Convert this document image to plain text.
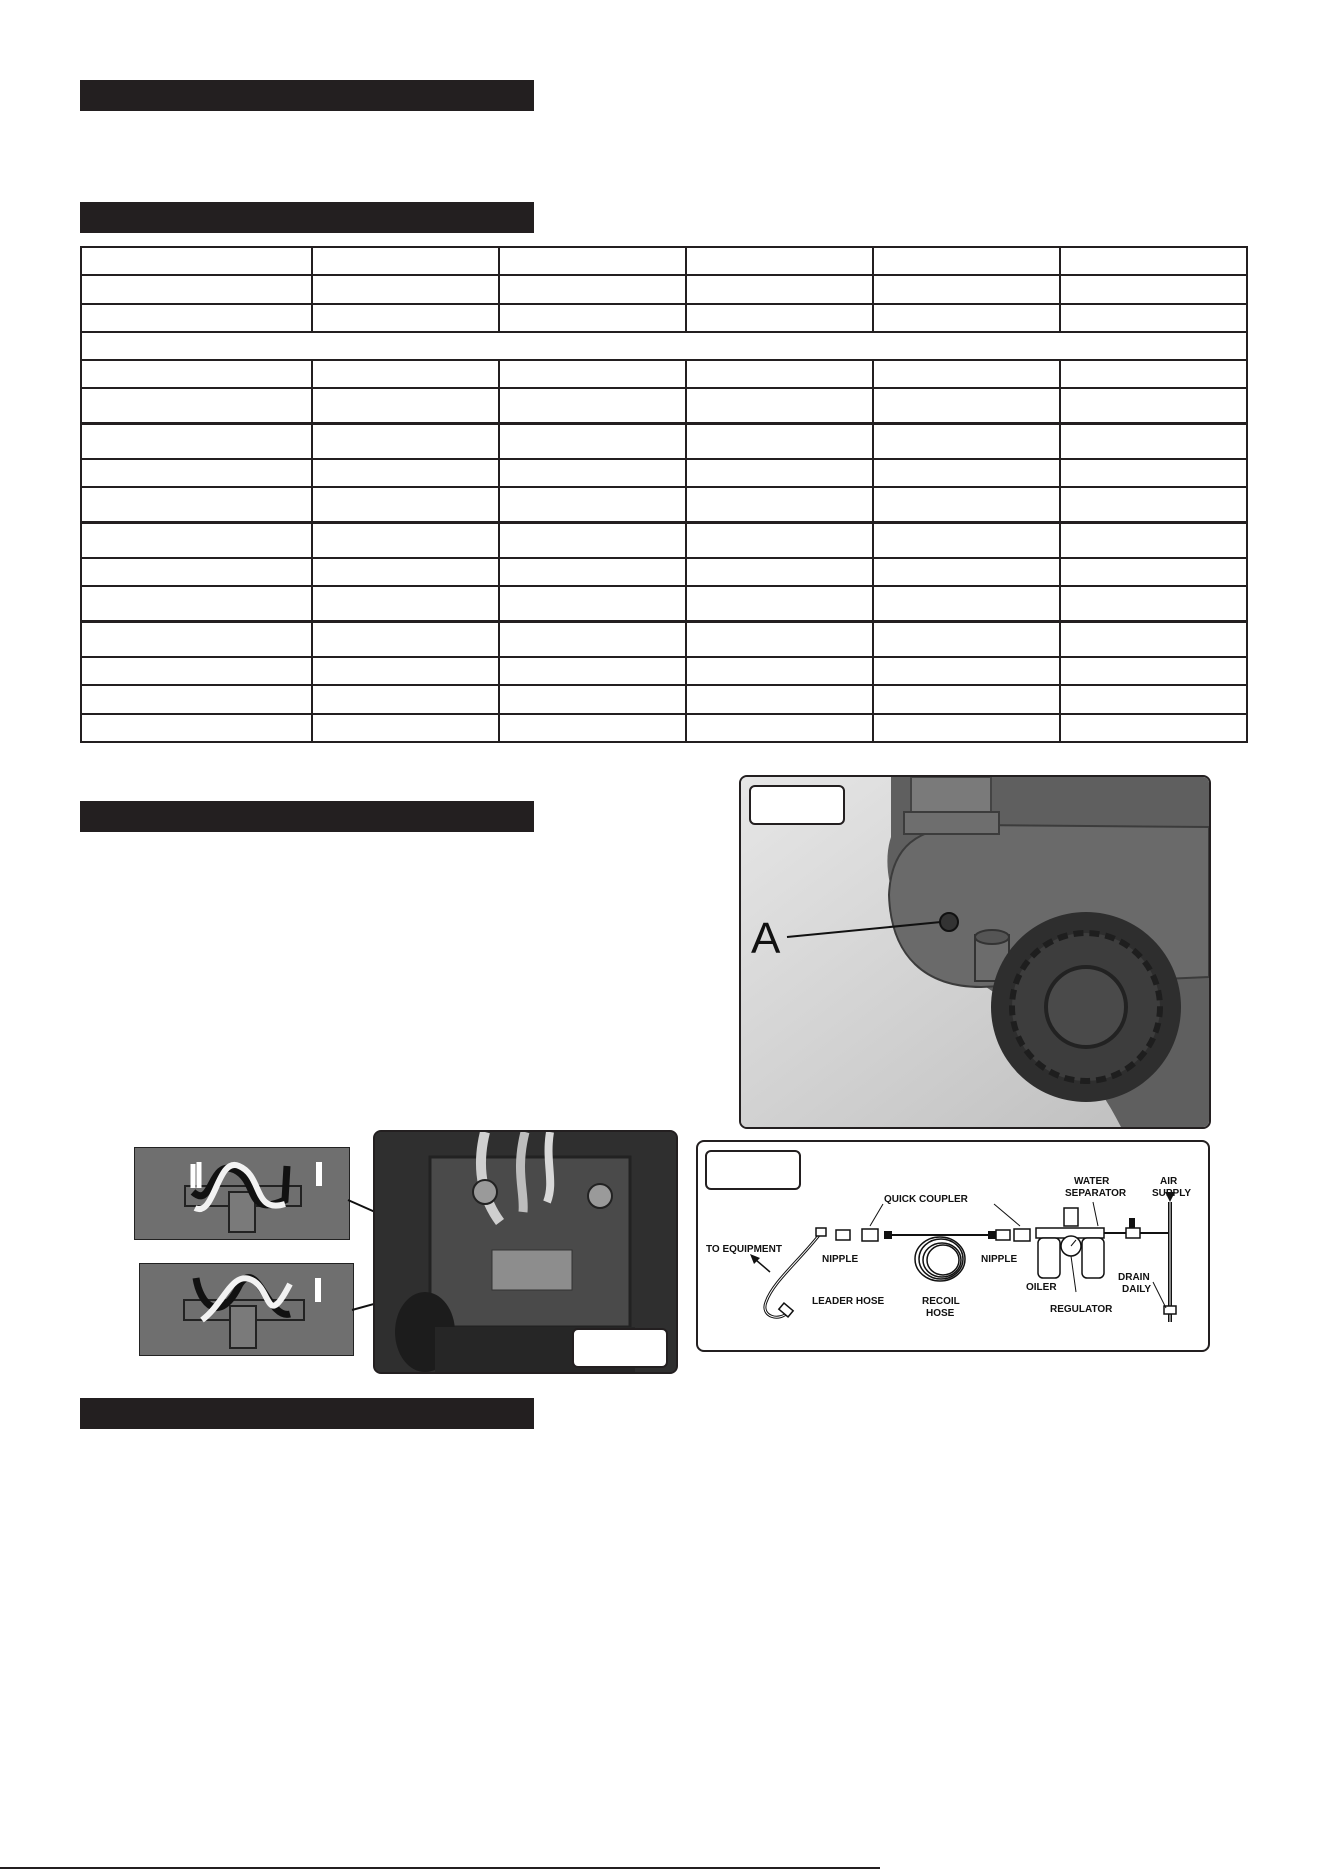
A
QUICK COUPLER
WATER
SEPARATOR
AIR
SUPPLY
TO EQUIPMENT
NIPPLE	NIPPLE
LEADER HOSE	RECOIL
HOSE
OILER
DRAIN
DAILY
REGULATOR
